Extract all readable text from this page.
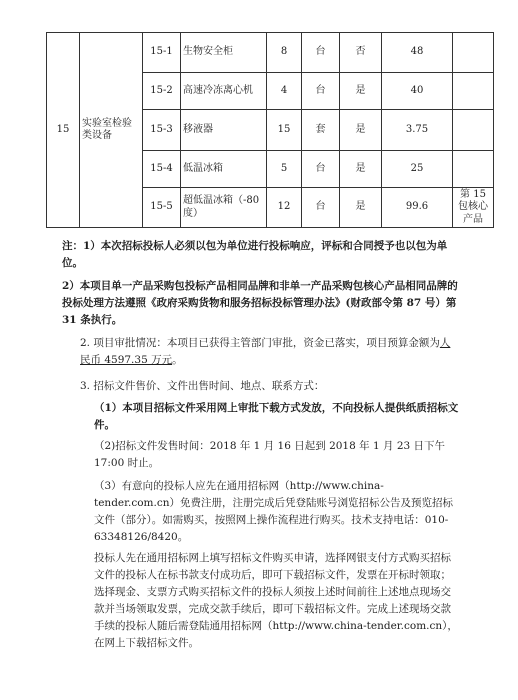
15	实验室检验类设备	15-1	生物安全柜	8	台	否	48	
		15-2	高速冷冻离心机	4	台	是	40	
		15-3	移液器	15	套	是	3.75	
		15-4	低温冰箱	5	台	是	25	
		15-5	超低温冰箱（-80度）	12	台	是	99.6	第 15 包核心产品

注：1）本次招标投标人必须以包为单位进行投标响应，评标和合同授予也以包为单位。

2）本项目单一产品采购包投标产品相同品牌和非单一产品采购包核心产品相同品牌的投标处理方法遵照《政府采购货物和服务招标投标管理办法》(财政部令第 87 号）第 31 条执行。

2. 项目审批情况：本项目已获得主管部门审批，资金已落实，项目预算金额为人民币 4597.35 万元。

3. 招标文件售价、文件出售时间、地点、联系方式：

（1）本项目招标文件采用网上审批下载方式发放，不向投标人提供纸质招标文件。

（2)招标文件发售时间：2018 年 1 月 16 日起到 2018 年 1 月 23 日下午 17:00 时止。

（3）有意向的投标人应先在通用招标网（http://www.china-tender.com.cn）免费注册，注册完成后凭登陆账号浏览招标公告及预览招标文件（部分）。如需购买，按照网上操作流程进行购买。技术支持电话：010-63348126/8420。

投标人先在通用招标网上填写招标文件购买申请，选择网银支付方式购买招标文件的投标人在标书款支付成功后，即可下载招标文件，发票在开标时领取；选择现金、支票方式购买招标文件的投标人须按上述时间前往上述地点现场交款并当场领取发票，完成交款手续后，即可下载招标文件。完成上述现场交款手续的投标人随后需登陆通用招标网（http://www.china-tender.com.cn），在网上下载招标文件。
